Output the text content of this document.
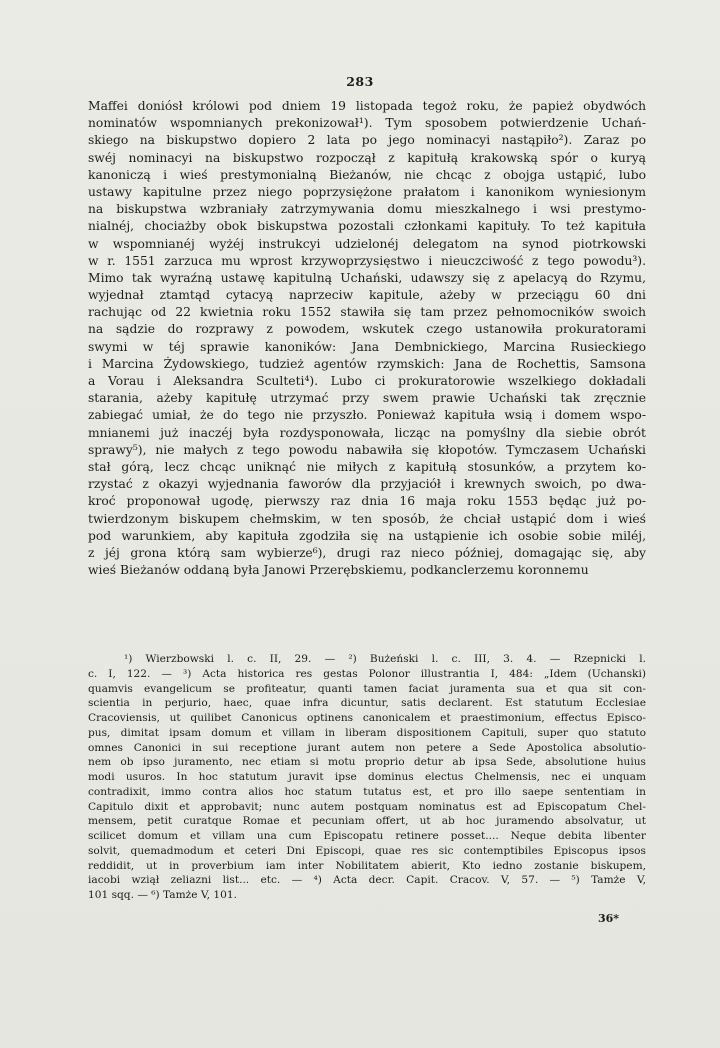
283
Maffei doniósł królowi pod dniem 19 listopada tegoż roku, że papież obydwóch
nominatów wspomnianych prekonizował¹). Tym sposobem potwierdzenie Uchań-
skiego na biskupstwo dopiero 2 lata po jego nominacyi nastąpiło²). Zaraz po
swéj nominacyi na biskupstwo rozpoczął z kapitułą krakowską spór o kuryą
kanoniczą i wieś prestymonialną Bieżanów, nie chcąc z obojga ustąpić, lubo
ustawy kapitulne przez niego poprzysiężone prałatom i kanonikom wyniesionym
na biskupstwa wzbraniały zatrzymywania domu mieszkalnego i wsi prestymo-
nialnéj, chociażby obok biskupstwa pozostali członkami kapituły. To też kapituła
w wspomnianéj wyżéj instrukcyi udzielonéj delegatom na synod piotrkowski
w r. 1551 zarzuca mu wprost krzywoprzysięstwo i nieuczciwość z tego powodu³).
Mimo tak wyraźną ustawę kapitulną Uchański, udawszy się z apelacyą do Rzymu,
wyjednał ztamtąd cytacyą naprzeciw kapitule, ażeby w przeciągu 60 dni
rachując od 22 kwietnia roku 1552 stawiła się tam przez pełnomocników swoich
na sądzie do rozprawy z powodem, wskutek czego ustanowiła prokuratorami
swymi w téj sprawie kanoników: Jana Dembnickiego, Marcina Rusieckiego
i Marcina Żydowskiego, tudzież agentów rzymskich: Jana de Rochettis, Samsona
a Vorau i Aleksandra Sculteti⁴). Lubo ci prokuratorowie wszelkiego dokładali
starania, ażeby kapitułę utrzymać przy swem prawie Uchański tak zręcznie
zabiegać umiał, że do tego nie przyszło. Ponieważ kapituła wsią i domem wspo-
mnianemi już inaczéj była rozdysponowała, licząc na pomyślny dla siebie obrót
sprawy⁵), nie małych z tego powodu nabawiła się kłopotów. Tymczasem Uchański
stał górą, lecz chcąc uniknąć nie miłych z kapitułą stosunków, a przytem ko-
rzystać z okazyi wyjednania faworów dla przyjaciół i krewnych swoich, po dwa-
kroć proponował ugodę, pierwszy raz dnia 16 maja roku 1553 będąc już po-
twierdzonym biskupem chełmskim, w ten sposób, że chciał ustąpić dom i wieś
pod warunkiem, aby kapituła zgodziła się na ustąpienie ich osobie sobie miléj,
z jéj grona którą sam wybierze⁶), drugi raz nieco później, domagając się, aby
wieś Bieżanów oddaną była Janowi Przerębskiemu, podkanclerzemu koronnemu
¹) Wierzbowski l. c. II, 29. — ²) Bużeński l. c. III, 3. 4. — Rzepnicki l.
c. I, 122. — ³) Acta historica res gestas Polonor illustrantia I, 484: „Idem (Uchanski)
quamvis evangelicum se profiteatur, quanti tamen faciat juramenta sua et qua sit con-
scientia in perjurio, haec, quae infra dicuntur, satis declarent. Est statutum Ecclesiae
Cracoviensis, ut quilibet Canonicus optinens canonicalem et praestimonium, effectus Episco-
pus, dimitat ipsam domum et villam in liberam dispositionem Capituli, super quo statuto
omnes Canonici in sui receptione jurant autem non petere a Sede Apostolica absolutio-
nem ob ipso juramento, nec etiam si motu proprio detur ab ipsa Sede, absolutione huius
modi usuros. In hoc statutum juravit ipse dominus electus Chelmensis, nec ei unquam
contradixit, immo contra alios hoc statum tutatus est, et pro illo saepe sententiam in
Capitulo dixit et approbavit; nunc autem postquam nominatus est ad Episcopatum Chel-
mensem, petit curatque Romae et pecuniam offert, ut ab hoc juramendo absolvatur, ut
scilicet domum et villam una cum Episcopatu retinere posset.... Neque debita libenter
solvit, quemadmodum et ceteri Dni Episcopi, quae res sic contemptibiles Episcopus ipsos
reddidit, ut in proverbium iam inter Nobilitatem abierit, Kto iedno zostanie biskupem,
iacobi wziął zeliazni list... etc. — ⁴) Acta decr. Capit. Cracov. V, 57. — ⁵) Tamże V,
101 sqq. — ⁶) Tamże V, 101.
36*
